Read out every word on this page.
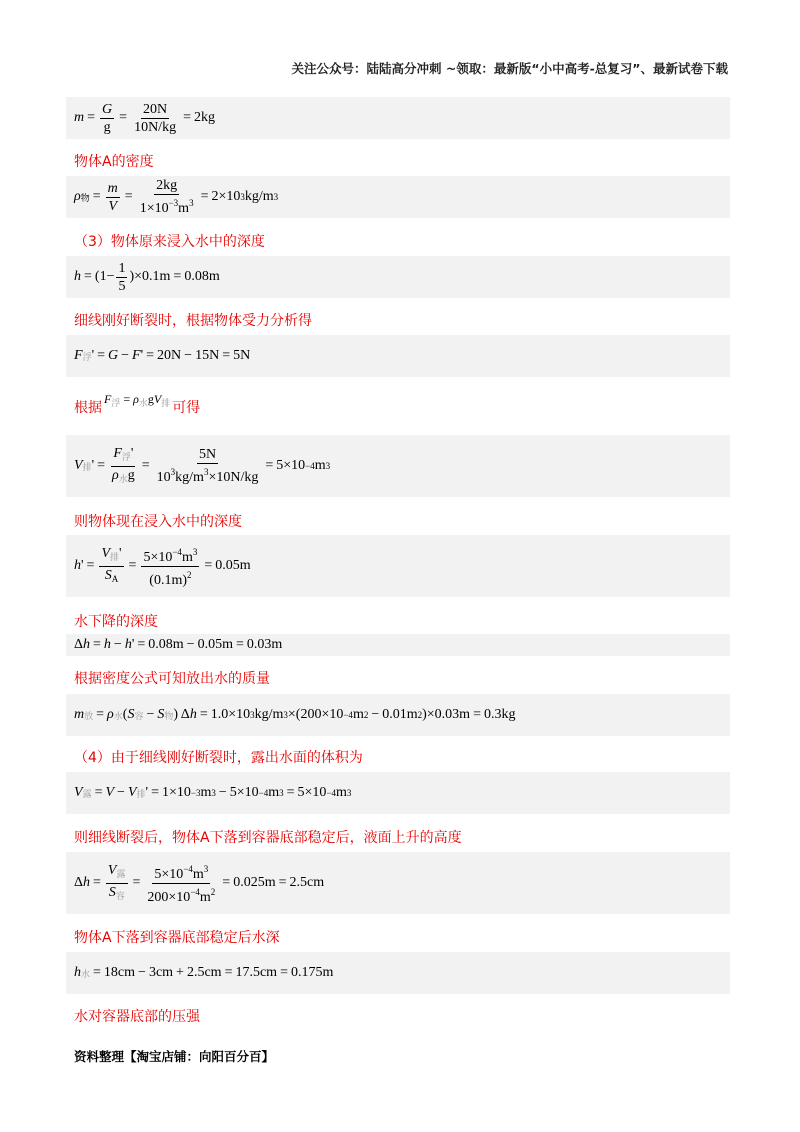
关注公众号：陆陆高分冲刺 ~领取：最新版“小中高考-总复习”、最新试卷下载
$m = \frac{G}{g} = \frac{20N}{10N/kg} = 2kg$
物体A的密度
ρ 物 = $\frac{m}{V} = \frac{2kg}{1\times 10^{-3}m^3} = 2\times 10$ 3 kg/m 3
（3）物体原来浸入水中的深度
$h = (1- \frac{1}{5} )\times 0.1m = 0.08m$
细线刚好断裂时，根据物体受力分析得
F 浮 ' = G − F ' = 20N − 15N = 5N
根据$F_浮 = \rho_水gV_排$ 可得
V 排 ' = $\frac{F_浮'}{\rho_水g} = \frac{5N}{10^3kg/m^3\times 10N/kg} = 5\times 10 -4$ m 3
则物体现在浸入水中的深度
h ' = $\frac{V_排'}{S_A} = \frac{5\times 10^{-4}m^3}{(0.1m)^2} = 0.05m$
水下降的深度
Δ h = h − h ' = 0.08m − 0.05m = 0.03m
根据密度公式可知放出水的质量
m 放 = ρ 水 ( S 容 − S 物 ) Δ h = 1.0×10 3 kg/m 3 ×(200×10 −4 m 2 − 0.01m 2 )×0.03m = 0.3kg
（4）由于细线刚好断裂时，露出水面的体积为
V 露 = V − V 排 ' = 1×10 −3 m 3 − 5×10 −4 m 3 = 5×10 −4 m 3
则细线断裂后，物体A下落到容器底部稳定后，液面上升的高度
Δ $h = \frac{V_露}{S_容} = \frac{5\times 10^{-4}m^3}{200\times 10^{-4}m^2} = 0.025m = 2.5cm$
物体A下落到容器底部稳定后水深
h 水 = 18cm − 3cm + 2.5cm = 17.5cm = 0.175m
水对容器底部的压强
资料整理【淘宝店铺：向阳百分百】
